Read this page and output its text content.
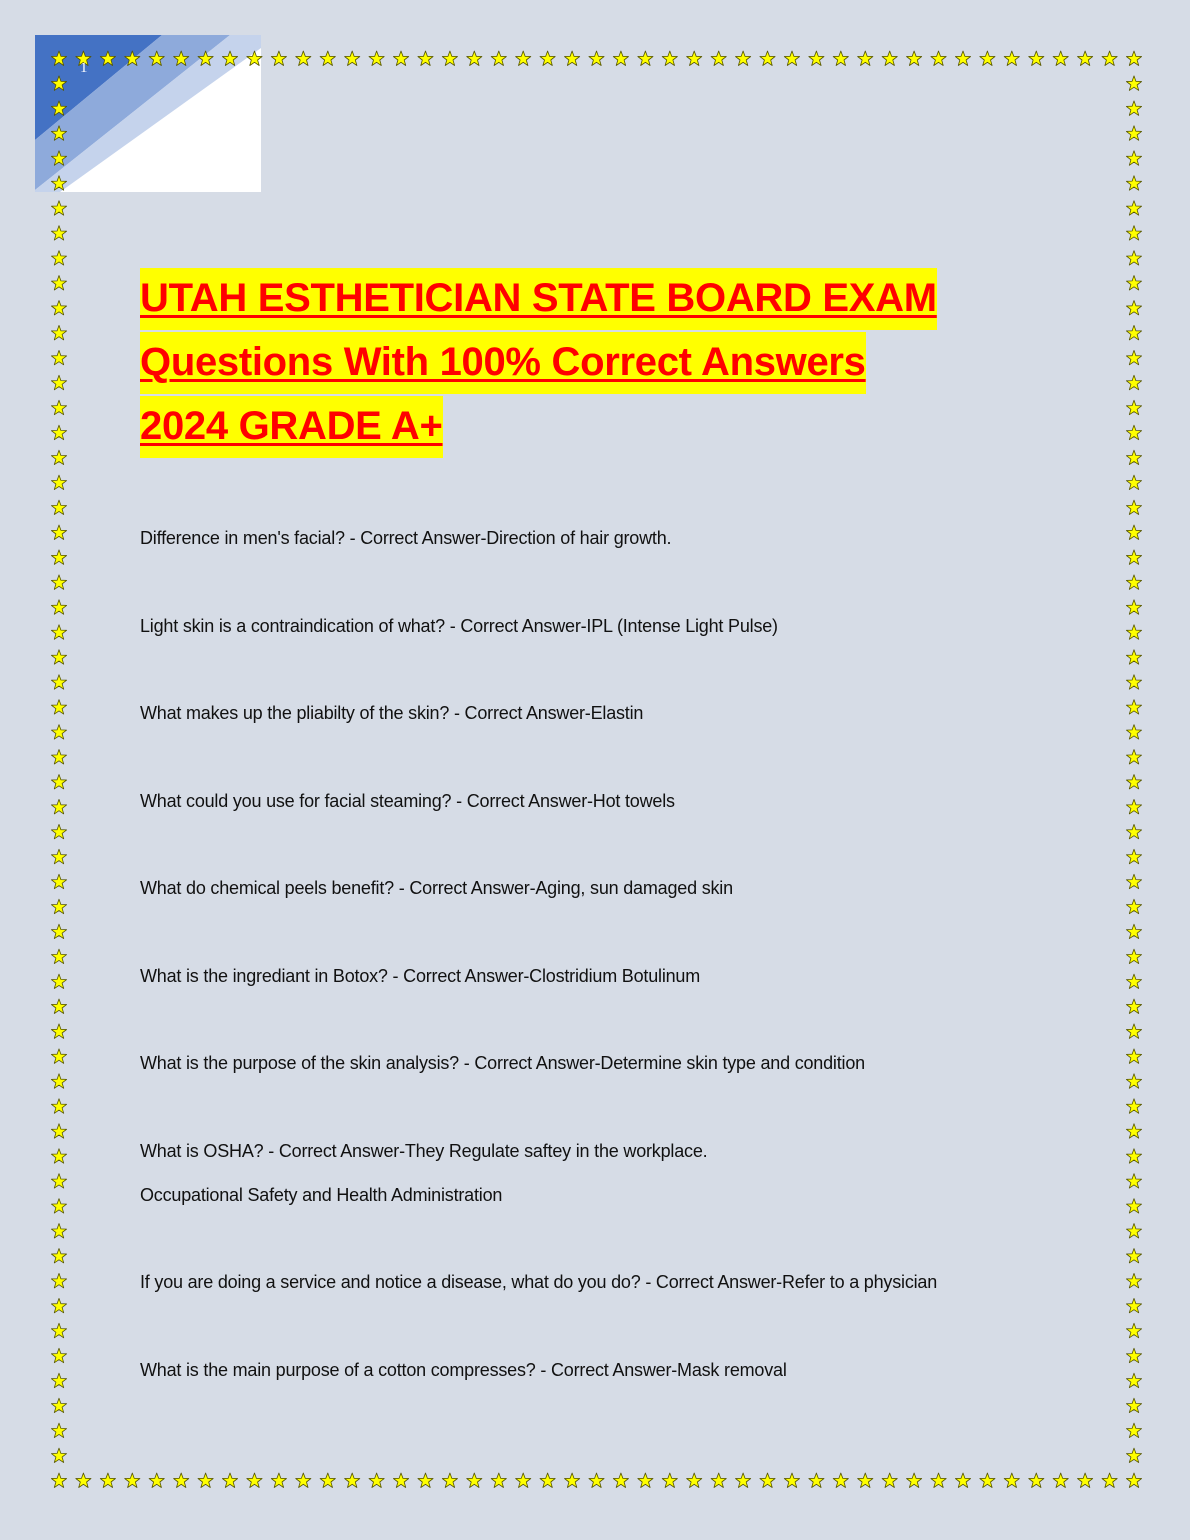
1
UTAH ESTHETICIAN STATE BOARD EXAM
Questions With 100% Correct Answers
2024 GRADE A+
Difference in men's facial? - Correct Answer-Direction of hair growth.
Light skin is a contraindication of what? - Correct Answer-IPL (Intense Light Pulse)
What makes up the pliabilty of the skin? - Correct Answer-Elastin
What could you use for facial steaming? - Correct Answer-Hot towels
What do chemical peels benefit? - Correct Answer-Aging, sun damaged skin
What is the ingrediant in Botox? - Correct Answer-Clostridium Botulinum
What is the purpose of the skin analysis? - Correct Answer-Determine skin type and condition
What is OSHA? - Correct Answer-They Regulate saftey in the workplace.
Occupational Safety and Health Administration
If you are doing a service and notice a disease, what do you do? - Correct Answer-Refer to a physician
What is the main purpose of a cotton compresses? - Correct Answer-Mask removal
